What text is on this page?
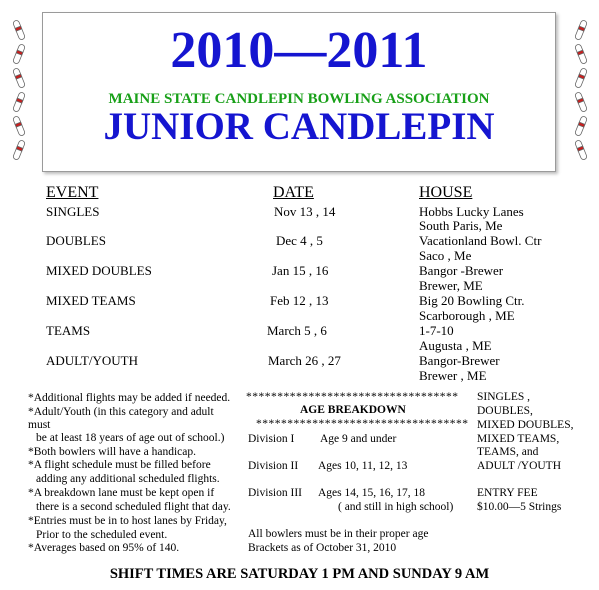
2010—2011
MAINE STATE CANDLEPIN BOWLING ASSOCIATION
JUNIOR CANDLEPIN
EVENT	DATE	HOUSE
SINGLES	Nov 13 , 14	Hobbs Lucky Lanes
South Paris, Me
DOUBLES	Dec 4 , 5	Vacationland Bowl. Ctr
Saco , Me
MIXED DOUBLES	Jan 15 , 16	Bangor -Brewer
Brewer, ME
MIXED TEAMS	Feb 12 , 13	Big 20 Bowling Ctr.
Scarborough , ME
TEAMS	March 5 , 6	1-7-10
Augusta , ME
ADULT/YOUTH	March 26 , 27	Bangor-Brewer
Brewer , ME
*Additional flights may be added if needed.
*Adult/Youth (in this category and adult
must
be at least 18 years of age out of school.)
*Both bowlers will have a handicap.
*A flight schedule must be filled before
adding any additional scheduled flights.
*A breakdown lane must be kept open if
there is a second scheduled flight that day.
*Entries must be in to host lanes by Friday,
Prior to the scheduled event.
*Averages based on 95% of 140.
**********************************
AGE BREAKDOWN
**********************************
Division I Age 9 and under
Division II Ages 10, 11, 12, 13
Division III Ages 14, 15, 16, 17, 18
( and still in high school)
All bowlers must be in their proper age
Brackets as of October 31, 2010
SINGLES ,
DOUBLES,
MIXED DOUBLES,
MIXED TEAMS,
TEAMS, and
ADULT /YOUTH
ENTRY FEE
$10.00—5 Strings
SHIFT TIMES ARE SATURDAY 1 PM AND SUNDAY 9 AM
